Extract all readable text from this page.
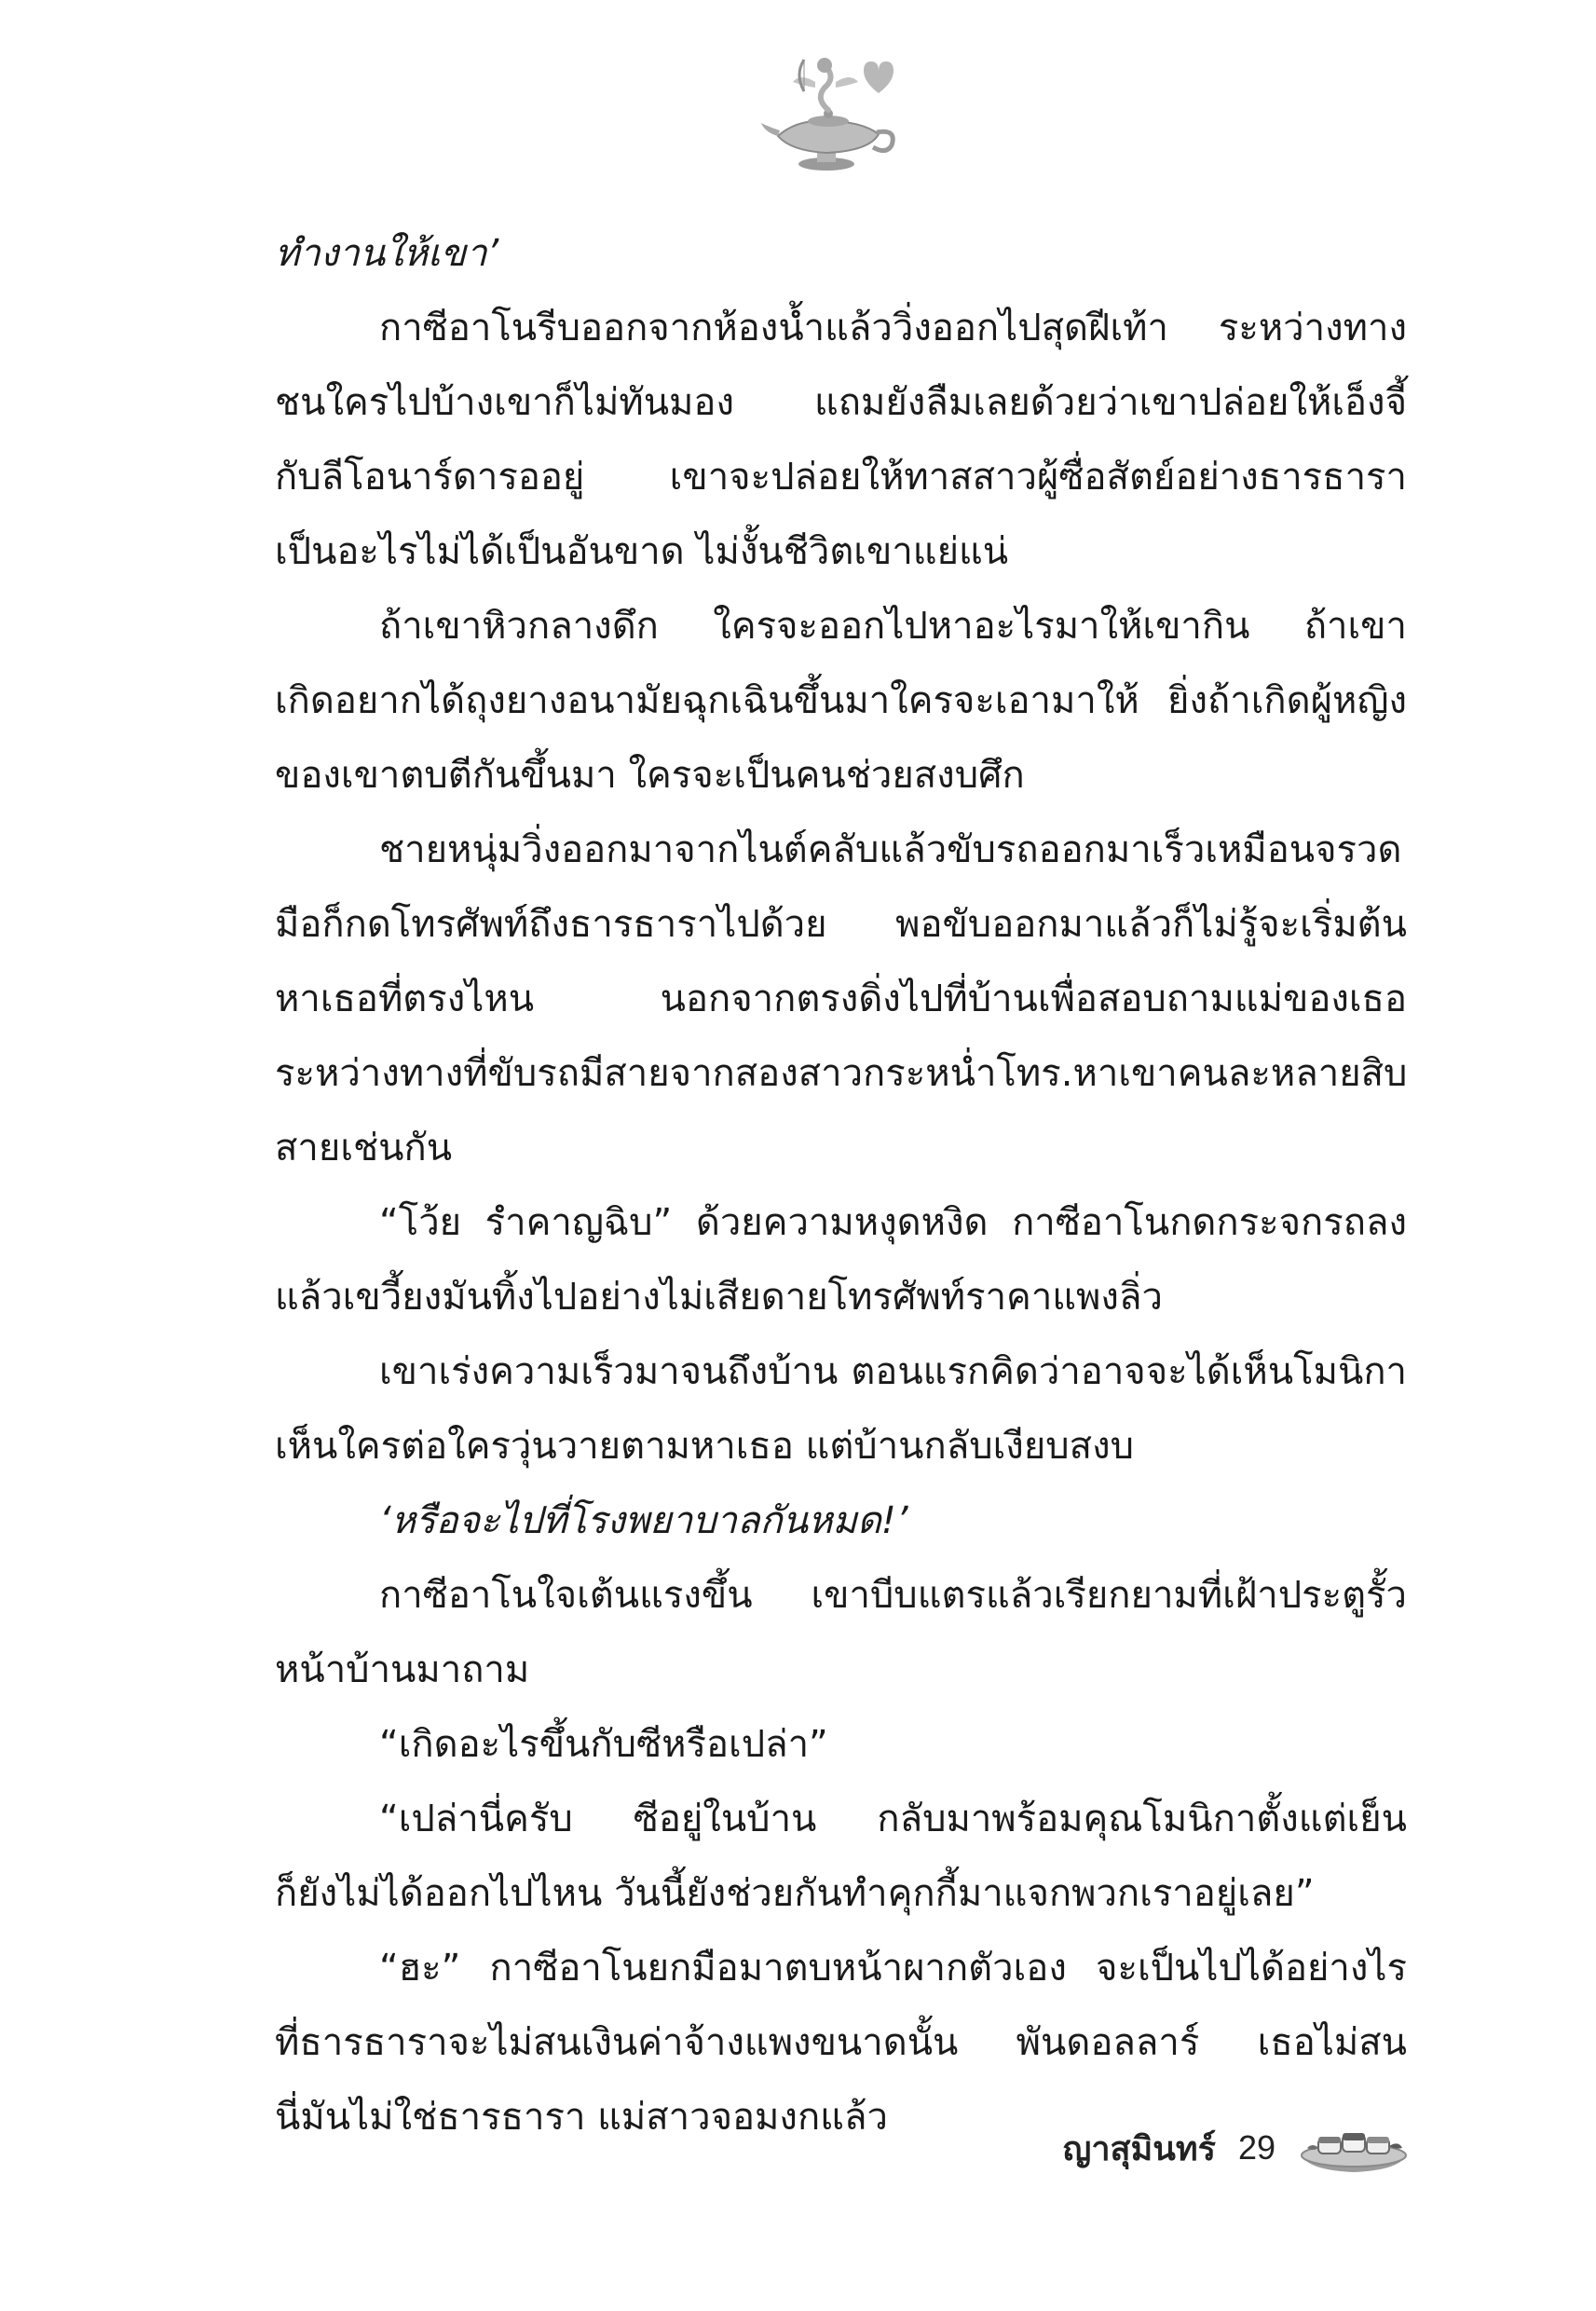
ทำงานให้เขา’
กาซีอาโนรีบออกจากห้องน้ำแล้ววิ่งออกไปสุดฝีเท้า ระหว่างทาง
ชนใครไปบ้างเขาก็ไม่ทันมอง แถมยังลืมเลยด้วยว่าเขาปล่อยให้เอ็งจี้
กับลีโอนาร์ดารออยู่ เขาจะปล่อยให้ทาสสาวผู้ซื่อสัตย์อย่างธารธารา
เป็นอะไรไม่ได้เป็นอันขาด ไม่งั้นชีวิตเขาแย่แน่
ถ้าเขาหิวกลางดึก ใครจะออกไปหาอะไรมาให้เขากิน ถ้าเขา
เกิดอยากได้ถุงยางอนามัยฉุกเฉินขึ้นมาใครจะเอามาให้ ยิ่งถ้าเกิดผู้หญิง
ของเขาตบตีกันขึ้นมา ใครจะเป็นคนช่วยสงบศึก
ชายหนุ่มวิ่งออกมาจากไนต์คลับแล้วขับรถออกมาเร็วเหมือนจรวด
มือก็กดโทรศัพท์ถึงธารธาราไปด้วย พอขับออกมาแล้วก็ไม่รู้จะเริ่มต้น
หาเธอที่ตรงไหน นอกจากตรงดิ่งไปที่บ้านเพื่อสอบถามแม่ของเธอ
ระหว่างทางที่ขับรถมีสายจากสองสาวกระหน่ำโทร.หาเขาคนละหลายสิบ
สายเช่นกัน
“โว้ย รำคาญฉิบ” ด้วยความหงุดหงิด กาซีอาโนกดกระจกรถลง
แล้วเขวี้ยงมันทิ้งไปอย่างไม่เสียดายโทรศัพท์ราคาแพงลิ่ว
เขาเร่งความเร็วมาจนถึงบ้าน ตอนแรกคิดว่าอาจจะได้เห็นโมนิกา
เห็นใครต่อใครวุ่นวายตามหาเธอ แต่บ้านกลับเงียบสงบ
‘หรือจะไปที่โรงพยาบาลกันหมด!’
กาซีอาโนใจเต้นแรงขึ้น เขาบีบแตรแล้วเรียกยามที่เฝ้าประตูรั้ว
หน้าบ้านมาถาม
“เกิดอะไรขึ้นกับซีหรือเปล่า”
“เปล่านี่ครับ ซีอยู่ในบ้าน กลับมาพร้อมคุณโมนิกาตั้งแต่เย็น
ก็ยังไม่ได้ออกไปไหน วันนี้ยังช่วยกันทำคุกกี้มาแจกพวกเราอยู่เลย”
“ฮะ” กาซีอาโนยกมือมาตบหน้าผากตัวเอง จะเป็นไปได้อย่างไร
ที่ธารธาราจะไม่สนเงินค่าจ้างแพงขนาดนั้น พันดอลลาร์ เธอไม่สน
นี่มันไม่ใช่ธารธารา แม่สาวจอมงกแล้ว
ญาสุมินทร์ 29
